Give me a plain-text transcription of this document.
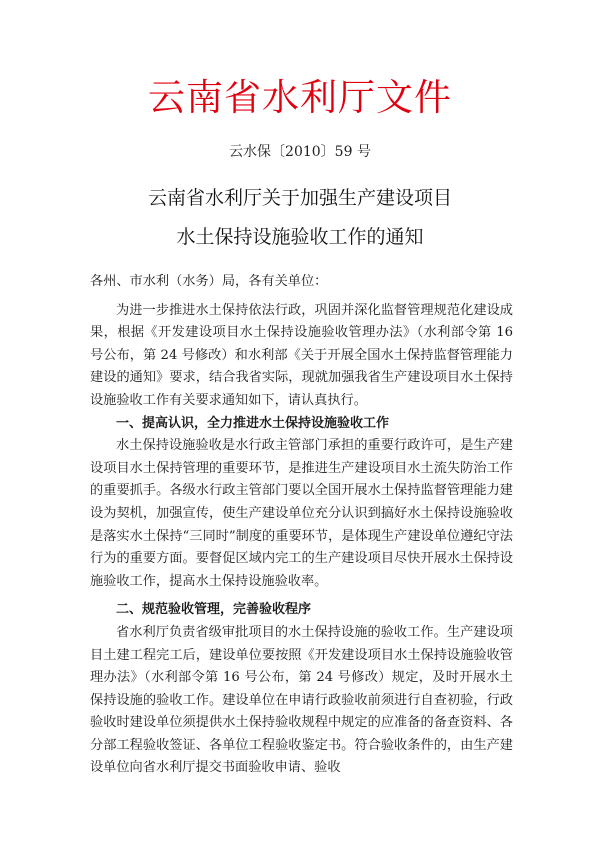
云南省水利厅文件
云水保〔2010〕59 号
云南省水利厅关于加强生产建设项目
水土保持设施验收工作的通知

各州、市水利（水务）局，各有关单位：

为进一步推进水土保持依法行政，巩固并深化监督管理规范化建设成果，根据《开发建设项目水土保持设施验收管理办法》（水利部令第 16 号公布，第 24 号修改）和水利部《关于开展全国水土保持监督管理能力建设的通知》要求，结合我省实际，现就加强我省生产建设项目水土保持设施验收工作有关要求通知如下，请认真执行。

一、提高认识，全力推进水土保持设施验收工作

水土保持设施验收是水行政主管部门承担的重要行政许可，是生产建设项目水土保持管理的重要环节，是推进生产建设项目水土流失防治工作的重要抓手。各级水行政主管部门要以全国开展水土保持监督管理能力建设为契机，加强宣传，使生产建设单位充分认识到搞好水土保持设施验收是落实水土保持“三同时”制度的重要环节，是体现生产建设单位遵纪守法行为的重要方面。要督促区域内完工的生产建设项目尽快开展水土保持设施验收工作，提高水土保持设施验收率。

二、规范验收管理，完善验收程序

省水利厅负责省级审批项目的水土保持设施的验收工作。生产建设项目土建工程完工后，建设单位要按照《开发建设项目水土保持设施验收管理办法》（水利部令第 16 号公布，第 24 号修改）规定，及时开展水土保持设施的验收工作。建设单位在申请行政验收前须进行自查初验，行政验收时建设单位须提供水土保持验收规程中规定的应准备的备查资料、各分部工程验收签证、各单位工程验收鉴定书。符合验收条件的，由生产建设单位向省水利厅提交书面验收申请、验收
